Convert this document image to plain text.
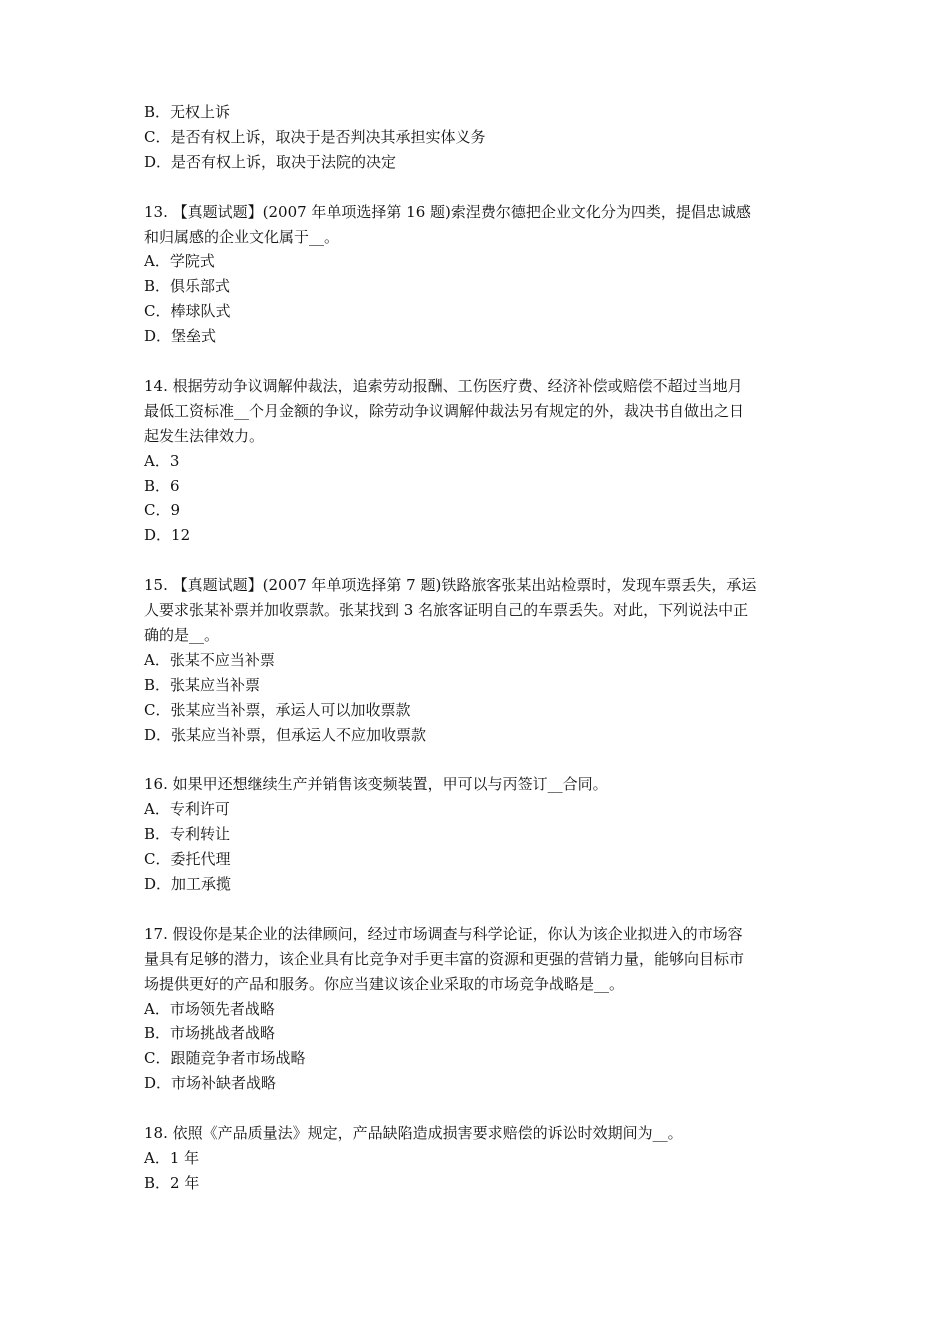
B．无权上诉
C．是否有权上诉，取决于是否判决其承担实体义务
D．是否有权上诉，取决于法院的决定
13. 【真题试题】(2007 年单项选择第 16 题)索涅费尔德把企业文化分为四类，提倡忠诚感
和归属感的企业文化属于__。
A．学院式
B．俱乐部式
C．棒球队式
D．堡垒式
14. 根据劳动争议调解仲裁法，追索劳动报酬、工伤医疗费、经济补偿或赔偿不超过当地月
最低工资标准__个月金额的争议，除劳动争议调解仲裁法另有规定的外，裁决书自做出之日
起发生法律效力。
A．3
B．6
C．9
D．12
15. 【真题试题】(2007 年单项选择第 7 题)铁路旅客张某出站检票时，发现车票丢失，承运
人要求张某补票并加收票款。张某找到 3 名旅客证明自己的车票丢失。对此，下列说法中正
确的是__。
A．张某不应当补票
B．张某应当补票
C．张某应当补票，承运人可以加收票款
D．张某应当补票，但承运人不应加收票款
16. 如果甲还想继续生产并销售该变频装置，甲可以与丙签订__合同。
A．专利许可
B．专利转让
C．委托代理
D．加工承揽
17. 假设你是某企业的法律顾问，经过市场调查与科学论证，你认为该企业拟进入的市场容
量具有足够的潜力，该企业具有比竞争对手更丰富的资源和更强的营销力量，能够向目标市
场提供更好的产品和服务。你应当建议该企业采取的市场竞争战略是__。
A．市场领先者战略
B．市场挑战者战略
C．跟随竞争者市场战略
D．市场补缺者战略
18. 依照《产品质量法》规定，产品缺陷造成损害要求赔偿的诉讼时效期间为__。
A．1 年
B．2 年
